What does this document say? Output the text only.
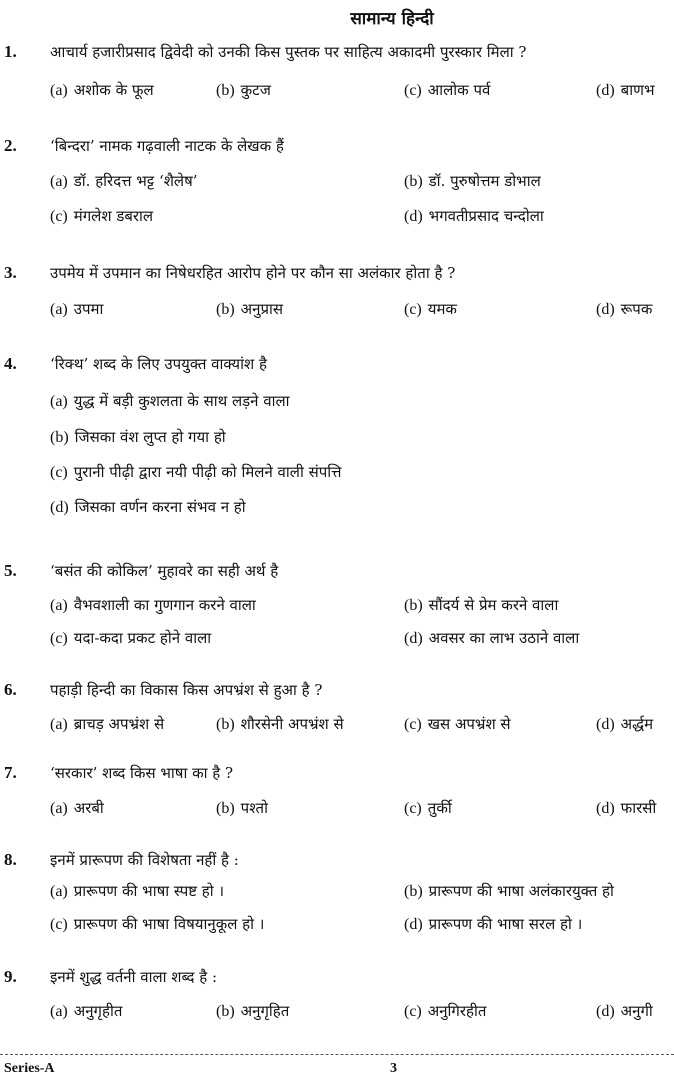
सामान्य हिन्दी
1. आचार्य हजारीप्रसाद द्विवेदी को उनकी किस पुस्तक पर साहित्य अकादमी पुरस्कार मिला ?
(a) अशोक के फूल	(b) कुटज	(c) आलोक पर्व	(d) बाणभ
2. ‘बिन्दरा’ नामक गढ़वाली नाटक के लेखक हैं
(a) डॉ. हरिदत्त भट्ट ‘शैलेष’	(b) डॉ. पुरुषोत्तम डोभाल
(c) मंगलेश डबराल	(d) भगवतीप्रसाद चन्दोला
3. उपमेय में उपमान का निषेधरहित आरोप होने पर कौन सा अलंकार होता है ?
(a) उपमा	(b) अनुप्रास	(c) यमक	(d) रूपक
4. ‘रिक्थ’ शब्द के लिए उपयुक्त वाक्यांश है
(a) युद्ध में बड़ी कुशलता के साथ लड़ने वाला
(b) जिसका वंश लुप्त हो गया हो
(c) पुरानी पीढ़ी द्वारा नयी पीढ़ी को मिलने वाली संपत्ति
(d) जिसका वर्णन करना संभव न हो
5. ‘बसंत की कोकिल’ मुहावरे का सही अर्थ है
(a) वैभवशाली का गुणगान करने वाला	(b) सौंदर्य से प्रेम करने वाला
(c) यदा-कदा प्रकट होने वाला	(d) अवसर का लाभ उठाने वाला
6. पहाड़ी हिन्दी का विकास किस अपभ्रंश से हुआ है ?
(a) ब्राचड़ अपभ्रंश से	(b) शौरसेनी अपभ्रंश से	(c) खस अपभ्रंश से	(d) अर्द्धम
7. ‘सरकार’ शब्द किस भाषा का है ?
(a) अरबी	(b) पश्तो	(c) तुर्की	(d) फारसी
8. इनमें प्रारूपण की विशेषता नहीं है :
(a) प्रारूपण की भाषा स्पष्ट हो ।	(b) प्रारूपण की भाषा अलंकारयुक्त हो
(c) प्रारूपण की भाषा विषयानुकूल हो ।	(d) प्रारूपण की भाषा सरल हो ।
9. इनमें शुद्ध वर्तनी वाला शब्द है :
(a) अनुगृहीत	(b) अनुगृहित	(c) अनुगिरहीत	(d) अनुगी
Series-A	3
